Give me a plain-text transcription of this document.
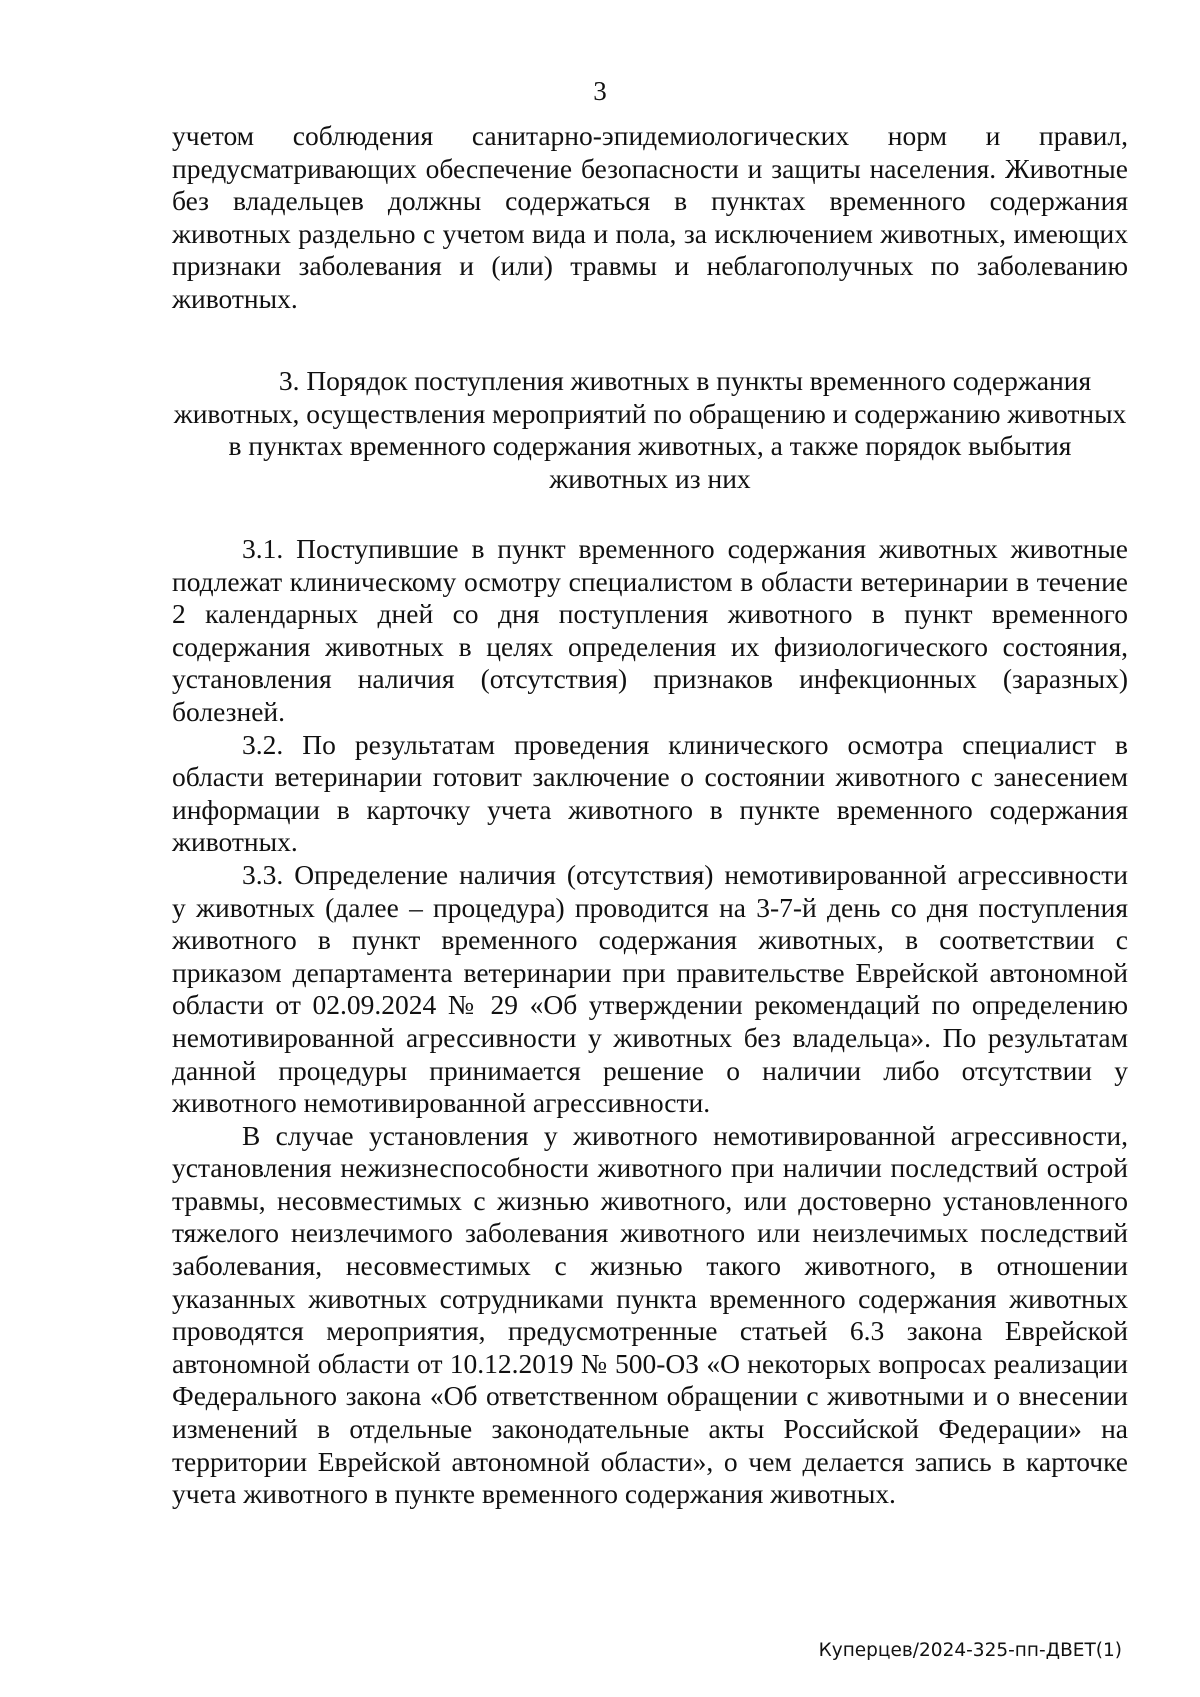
3

учетом соблюдения санитарно-эпидемиологических норм и правил, предусматривающих обеспечение безопасности и защиты населения. Животные без владельцев должны содержаться в пунктах временного содержания животных раздельно с учетом вида и пола, за исключением животных, имеющих признаки заболевания и (или) травмы и неблагополучных по заболеванию животных.

3. Порядок поступления животных в пункты временного содержания животных, осуществления мероприятий по обращению и содержанию животных в пунктах временного содержания животных, а также порядок выбытия животных из них

3.1. Поступившие в пункт временного содержания животных животные подлежат клиническому осмотру специалистом в области ветеринарии в течение 2 календарных дней со дня поступления животного в пункт временного содержания животных в целях определения их физиологического состояния, установления наличия (отсутствия) признаков инфекционных (заразных) болезней.

3.2. По результатам проведения клинического осмотра специалист в области ветеринарии готовит заключение о состоянии животного с занесением информации в карточку учета животного в пункте временного содержания животных.

3.3. Определение наличия (отсутствия) немотивированной агрессивности у животных (далее – процедура) проводится на 3-7-й день со дня поступления животного в пункт временного содержания животных, в соответствии с приказом департамента ветеринарии при правительстве Еврейской автономной области от 02.09.2024 № 29 «Об утверждении рекомендаций по определению немотивированной агрессивности у животных без владельца». По результатам данной процедуры принимается решение о наличии либо отсутствии у животного немотивированной агрессивности.

В случае установления у животного немотивированной агрессивности, установления нежизнеспособности животного при наличии последствий острой травмы, несовместимых с жизнью животного, или достоверно установленного тяжелого неизлечимого заболевания животного или неизлечимых последствий заболевания, несовместимых с жизнью такого животного, в отношении указанных животных сотрудниками пункта временного содержания животных проводятся мероприятия, предусмотренные статьей 6.3 закона Еврейской автономной области от 10.12.2019 № 500-ОЗ «О некоторых вопросах реализации Федерального закона «Об ответственном обращении с животными и о внесении изменений в отдельные законодательные акты Российской Федерации» на территории Еврейской автономной области», о чем делается запись в карточке учета животного в пункте временного содержания животных.

Куперцев/2024-325-пп-ДВЕТ(1)
